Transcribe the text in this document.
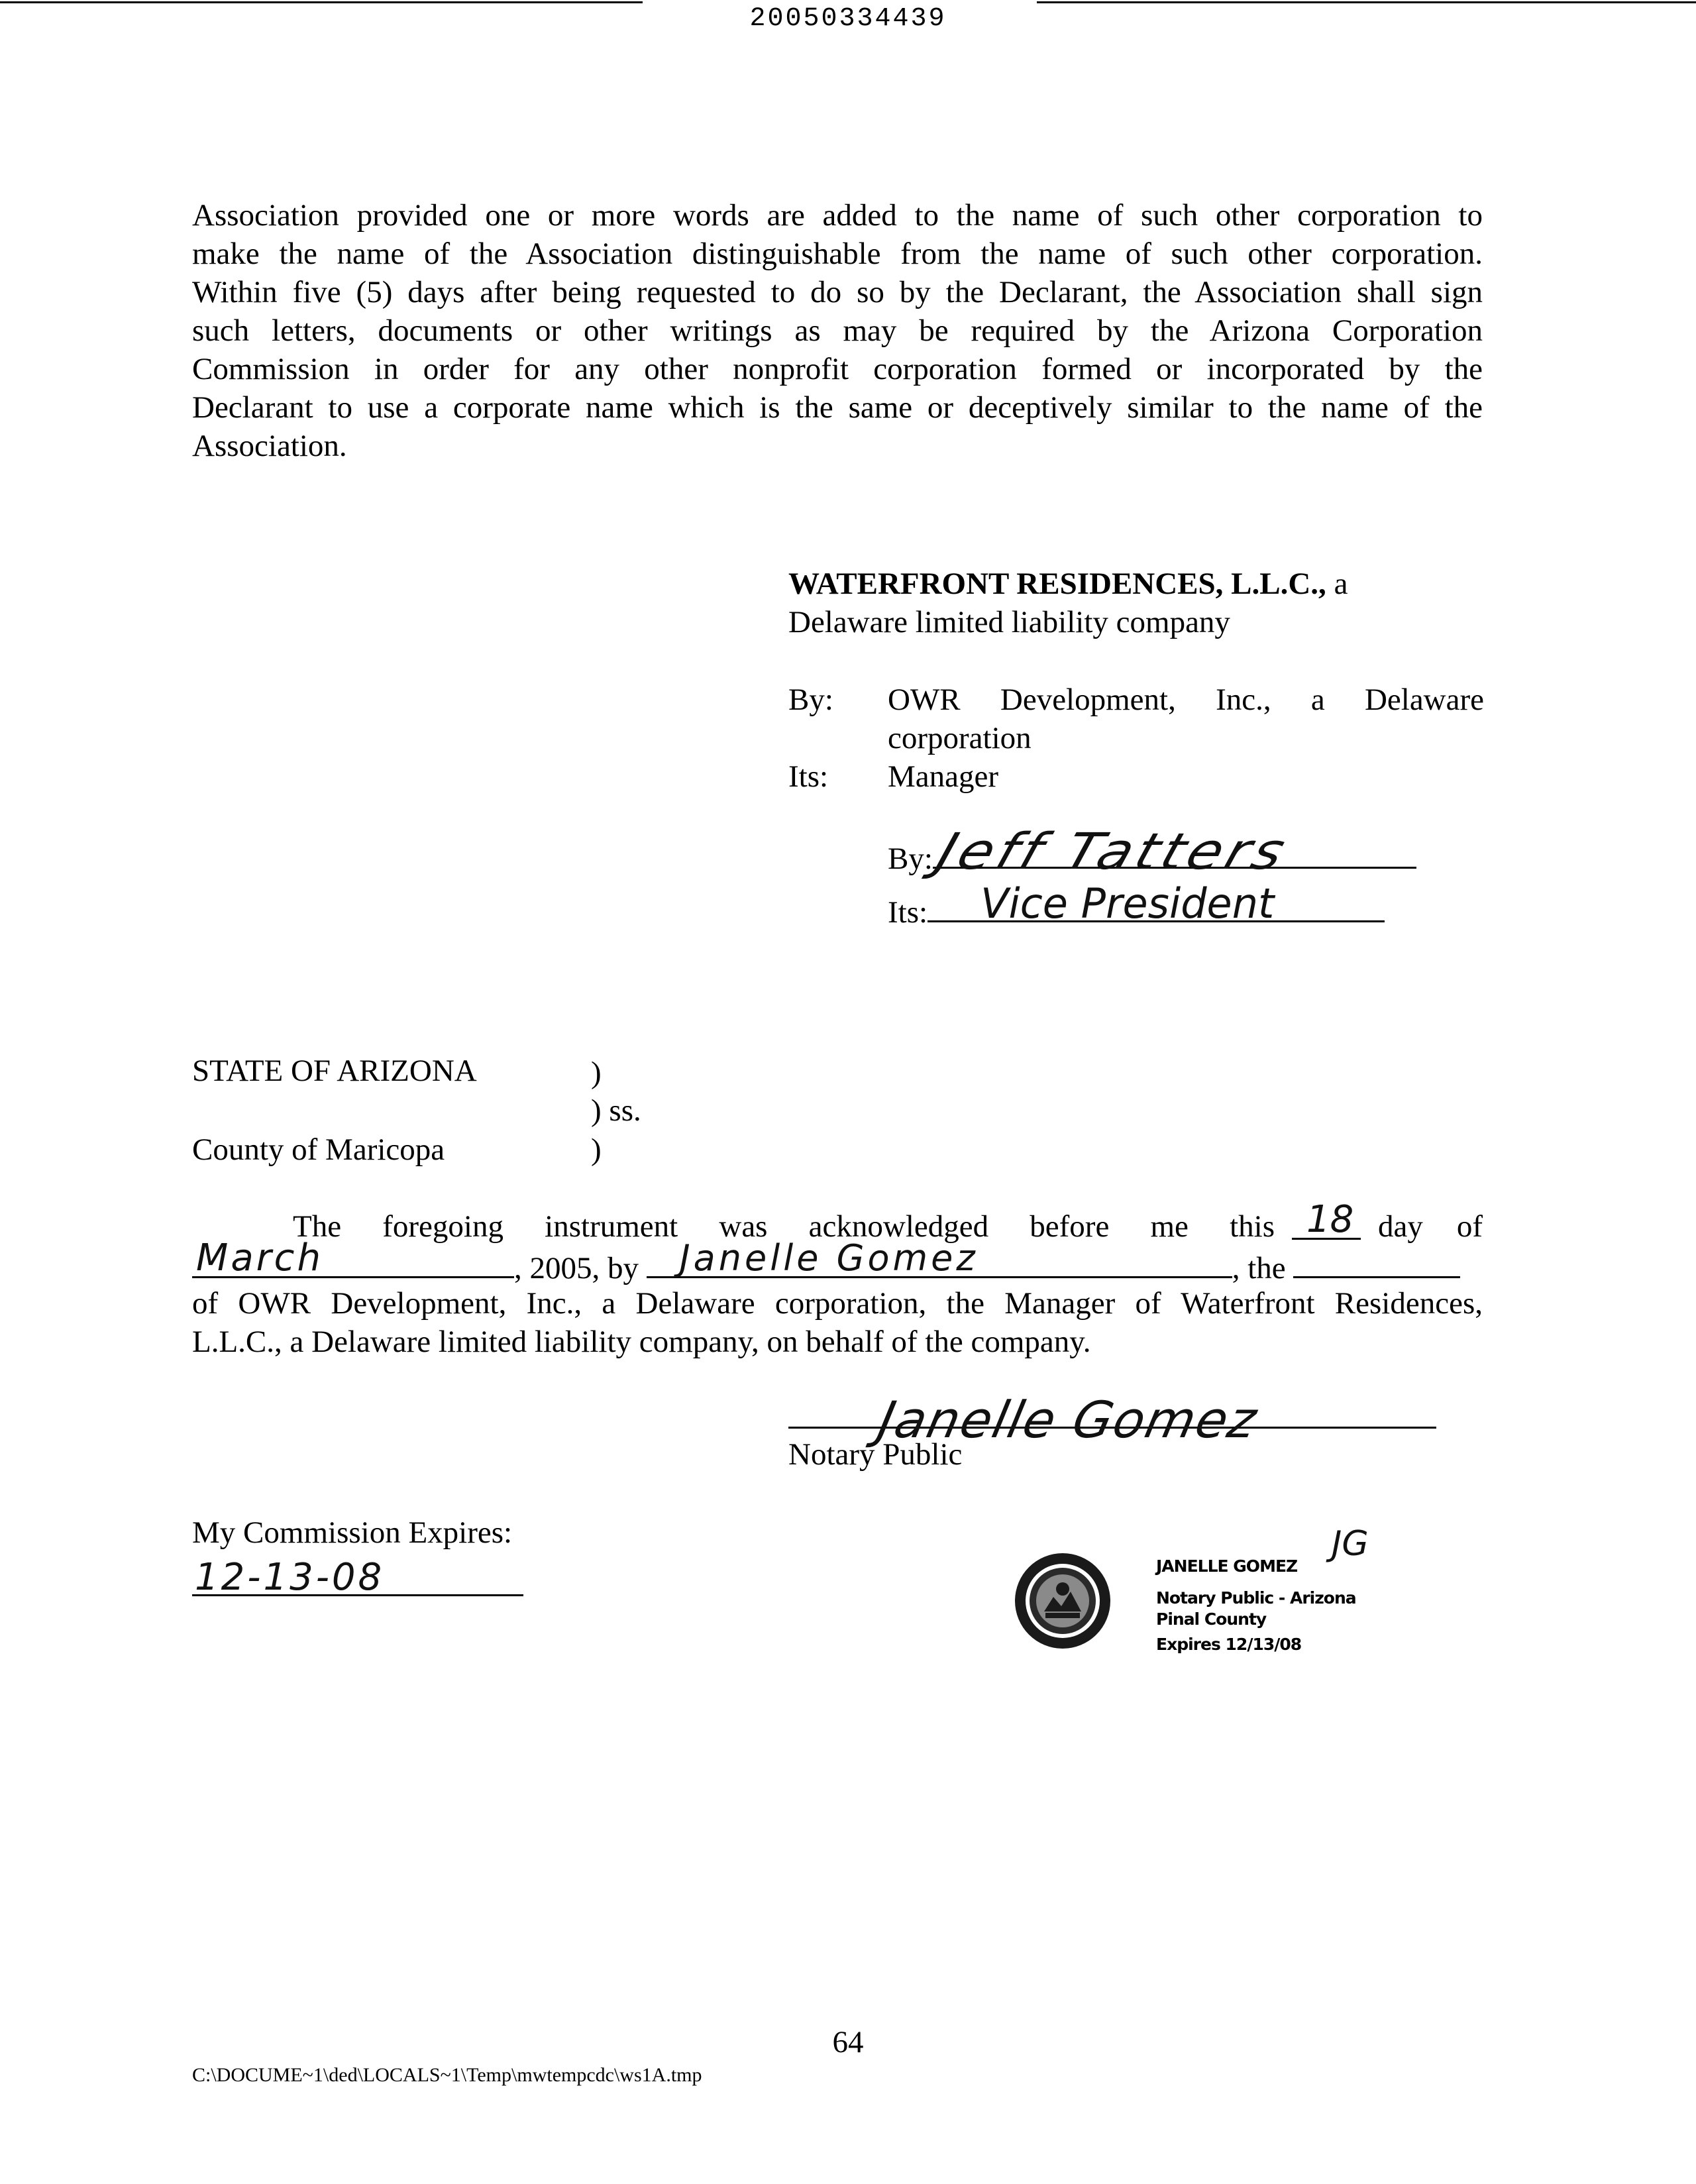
20050334439
Association provided one or more words are added to the name of such other corporation to
make the name of the Association distinguishable from the name of such other corporation.
Within five (5) days after being requested to do so by the Declarant, the Association shall sign
such letters, documents or other writings as may be required by the Arizona Corporation
Commission in order for any other nonprofit corporation formed or incorporated by the
Declarant to use a corporate name which is the same or deceptively similar to the name of the
Association.
WATERFRONT RESIDENCES, L.L.C., a
Delaware limited liability company
By: OWR Development, Inc., a Delaware
corporation
Its: Manager
By:
Jeff Tatters
Its: Vice President
STATE OF ARIZONA	)
) ss.
County of Maricopa	)
The foregoing instrument was acknowledged before me this 18 day of
March	, 2005, by Janelle Gomez	, the
of OWR Development, Inc., a Delaware corporation, the Manager of Waterfront Residences,
L.L.C., a Delaware limited liability company, on behalf of the company.
Janelle Gomez
Notary Public
My Commission Expires:
12-13-08	JANELLE GOMEZ
JG
Notary Public - Arizona
Pinal County
Expires 12/13/08
64
C:\DOCUME~1\ded\LOCALS~1\Temp\mwtempcdc\ws1A.tmp
